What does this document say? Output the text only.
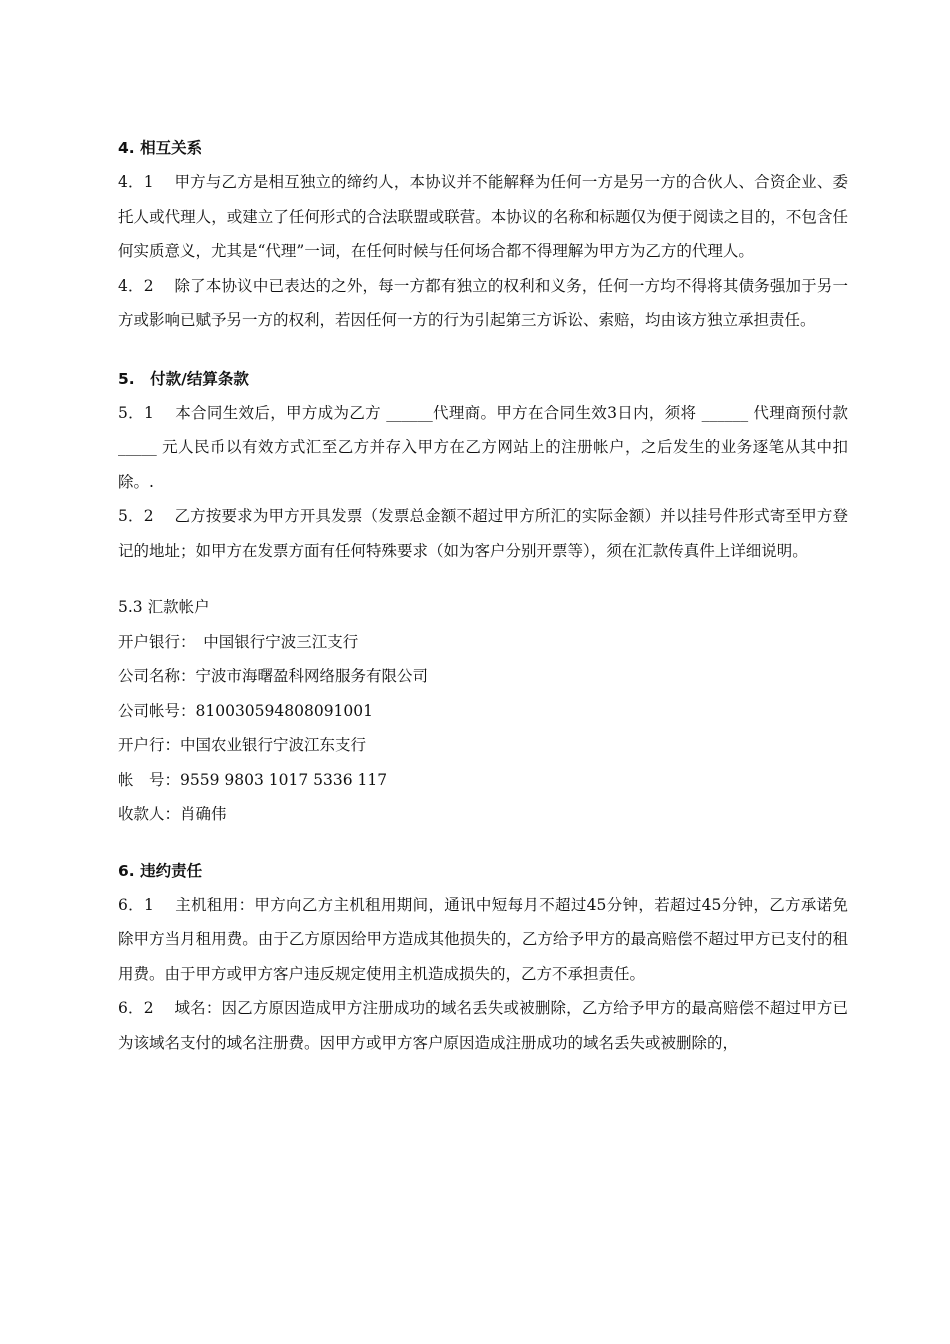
4. 相互关系

4．1　 甲方与乙方是相互独立的缔约人，本协议并不能解释为任何一方是另一方的合伙人、合资企业、委托人或代理人，或建立了任何形式的合法联盟或联营。本协议的名称和标题仅为便于阅读之目的，不包含任何实质意义，尤其是“代理”一词，在任何时候与任何场合都不得理解为甲方为乙方的代理人。

4．2　 除了本协议中已表达的之外，每一方都有独立的权利和义务，任何一方均不得将其债务强加于另一方或影响已赋予另一方的权利，若因任何一方的行为引起第三方诉讼、索赔，均由该方独立承担责任。

5.　付款/结算条款

5．1　 本合同生效后，甲方成为乙方 ______代理商。甲方在合同生效3日内，须将 ______ 代理商预付款_____ 元人民币以有效方式汇至乙方并存入甲方在乙方网站上的注册帐户，之后发生的业务逐笔从其中扣除。.

5．2　 乙方按要求为甲方开具发票（发票总金额不超过甲方所汇的实际金额）并以挂号件形式寄至甲方登记的地址；如甲方在发票方面有任何特殊要求（如为客户分别开票等），须在汇款传真件上详细说明。

5.3 汇款帐户

开户银行：　中国银行宁波三江支行

公司名称：宁波市海曙盈科网络服务有限公司

公司帐号：810030594808091001

开户行：中国农业银行宁波江东支行

帐　号：9559 9803 1017 5336 117

收款人：肖确伟

6. 违约责任

6．1　 主机租用：甲方向乙方主机租用期间，通讯中短每月不超过45分钟，若超过45分钟，乙方承诺免除甲方当月租用费。由于乙方原因给甲方造成其他损失的，乙方给予甲方的最高赔偿不超过甲方已支付的租用费。由于甲方或甲方客户违反规定使用主机造成损失的，乙方不承担责任。

6．2　 域名：因乙方原因造成甲方注册成功的域名丢失或被删除，乙方给予甲方的最高赔偿不超过甲方已为该域名支付的域名注册费。因甲方或甲方客户原因造成注册成功的域名丢失或被删除的，
